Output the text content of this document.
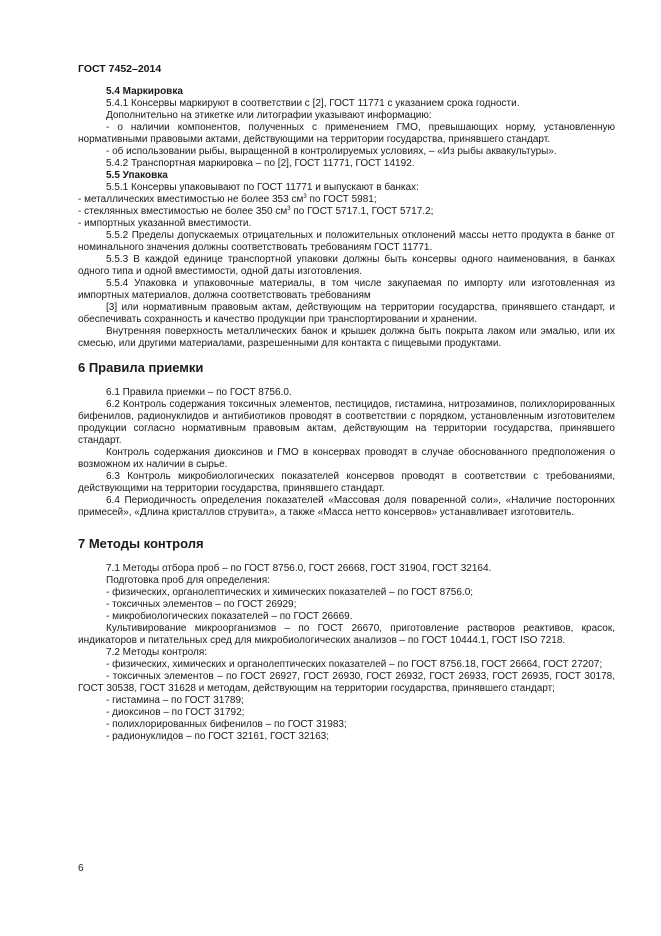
ГОСТ 7452–2014

5.4 Маркировка

5.4.1 Консервы маркируют в соответствии с [2], ГОСТ 11771 с указанием срока годности.

Дополнительно на этикетке или литографии указывают информацию:

- о наличии компонентов, полученных с применением ГМО, превышающих норму, установленную нормативными правовыми актами, действующими на территории государства, принявшего стандарт.

- об использовании рыбы, выращенной в контролируемых условиях, – «Из рыбы аквакультуры».

5.4.2 Транспортная маркировка – по [2], ГОСТ 11771, ГОСТ 14192.

5.5 Упаковка

5.5.1 Консервы упаковывают по ГОСТ 11771 и выпускают в банках:

- металлических вместимостью не более 353 $см^3$ по ГОСТ 5981;

- стеклянных вместимостью не более 350 $см^3$ по ГОСТ 5717.1, ГОСТ 5717.2;

- импортных указанной вместимости.

5.5.2 Пределы допускаемых отрицательных и положительных отклонений массы нетто продукта в банке от номинального значения должны соответствовать требованиям ГОСТ 11771.

5.5.3 В каждой единице транспортной упаковки должны быть консервы одного наименования, в банках одного типа и одной вместимости, одной даты изготовления.

5.5.4 Упаковка и упаковочные материалы, в том числе закупаемая по импорту или изготовленная из импортных материалов, должна соответствовать требованиям

[3] или нормативным правовым актам, действующим на территории государства, принявшего стандарт, и обеспечивать сохранность и качество продукции при транспортировании и хранении.

Внутренняя поверхность металлических банок и крышек должна быть покрыта лаком или эмалью, или их смесью, или другими материалами, разрешенными для контакта с пищевыми продуктами.

6 Правила приемки

6.1 Правила приемки – по ГОСТ 8756.0.

6.2 Контроль содержания токсичных элементов, пестицидов, гистамина, нитрозаминов, полихлорированных бифенилов, радионуклидов и антибиотиков проводят в соответствии с порядком, установленным изготовителем продукции согласно нормативным правовым актам, действующим на территории государства, принявшего стандарт.

Контроль содержания диоксинов и ГМО в консервах проводят в случае обоснованного предположения о возможном их наличии в сырье.

6.3 Контроль микробиологических показателей консервов проводят в соответствии с требованиями, действующими на территории государства, принявшего стандарт.

6.4 Периодичность определения показателей «Массовая доля поваренной соли», «Наличие посторонних примесей», «Длина кристаллов струвита», а также «Масса нетто консервов» устанавливает изготовитель.

7 Методы контроля

7.1 Методы отбора проб – по ГОСТ 8756.0, ГОСТ 26668, ГОСТ 31904, ГОСТ 32164.

Подготовка проб для определения:

- физических, органолептических и химических показателей – по ГОСТ 8756.0;

- токсичных элементов – по ГОСТ 26929;

- микробиологических показателей – по ГОСТ 26669.

Культивирование микроорганизмов – по ГОСТ 26670, приготовление растворов реактивов, красок, индикаторов и питательных сред для микробиологических анализов – по ГОСТ 10444.1, ГОСТ ISO 7218.

7.2 Методы контроля:

- физических, химических и органолептических показателей – по ГОСТ 8756.18, ГОСТ 26664, ГОСТ 27207;

- токсичных элементов – по ГОСТ 26927, ГОСТ 26930, ГОСТ 26932, ГОСТ 26933, ГОСТ 26935, ГОСТ 30178, ГОСТ 30538, ГОСТ 31628 и методам, действующим на территории государства, принявшего стандарт;

- гистамина – по ГОСТ 31789;

- диоксинов – по ГОСТ 31792;

- полихлорированных бифенилов – по ГОСТ 31983;

- радионуклидов – по ГОСТ 32161, ГОСТ 32163;

6
